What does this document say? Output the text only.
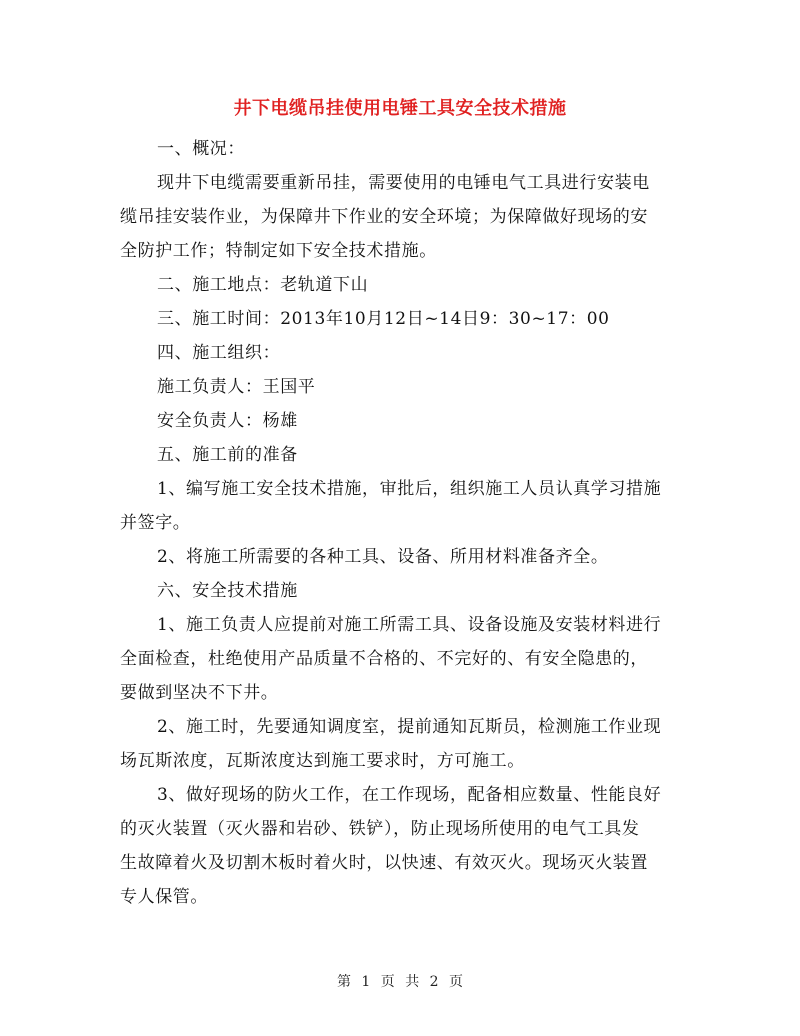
井下电缆吊挂使用电锤工具安全技术措施
一、概况：
现井下电缆需要重新吊挂，需要使用的电锤电气工具进行安装电
缆吊挂安装作业，为保障井下作业的安全环境；为保障做好现场的安
全防护工作；特制定如下安全技术措施。
二、施工地点：老轨道下山
三、施工时间：2013年10月12日~14日9：30~17：00
四、施工组织：
施工负责人：王国平
安全负责人：杨雄
五、施工前的准备
1、编写施工安全技术措施，审批后，组织施工人员认真学习措施
并签字。
2、将施工所需要的各种工具、设备、所用材料准备齐全。
六、安全技术措施
1、施工负责人应提前对施工所需工具、设备设施及安装材料进行
全面检查，杜绝使用产品质量不合格的、不完好的、有安全隐患的，
要做到坚决不下井。
2、施工时，先要通知调度室，提前通知瓦斯员，检测施工作业现
场瓦斯浓度，瓦斯浓度达到施工要求时，方可施工。
3、做好现场的防火工作，在工作现场，配备相应数量、性能良好
的灭火装置（灭火器和岩砂、铁铲），防止现场所使用的电气工具发
生故障着火及切割木板时着火时，以快速、有效灭火。现场灭火装置
专人保管。
第 1 页 共 2 页
